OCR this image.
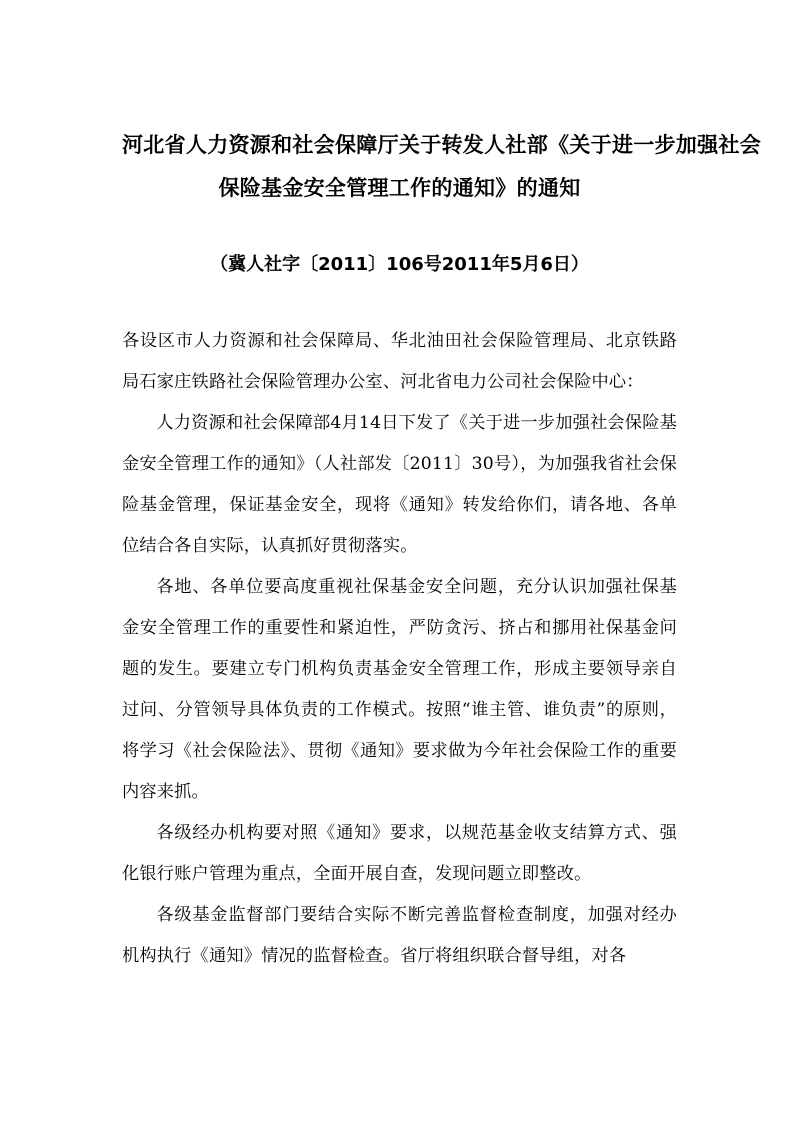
河北省人力资源和社会保障厅关于转发人社部《关于进一步加强社会
保险基金安全管理工作的通知》的通知
（冀人社字〔2011〕106号2011年5月6日）

各设区市人力资源和社会保障局、华北油田社会保险管理局、北京铁路局石家庄铁路社会保险管理办公室、河北省电力公司社会保险中心：

人力资源和社会保障部4月14日下发了《关于进一步加强社会保险基金安全管理工作的通知》（人社部发〔2011〕30号），为加强我省社会保险基金管理，保证基金安全，现将《通知》转发给你们，请各地、各单位结合各自实际，认真抓好贯彻落实。

各地、各单位要高度重视社保基金安全问题，充分认识加强社保基金安全管理工作的重要性和紧迫性，严防贪污、挤占和挪用社保基金问题的发生。要建立专门机构负责基金安全管理工作，形成主要领导亲自过问、分管领导具体负责的工作模式。按照“谁主管、谁负责”的原则，将学习《社会保险法》、贯彻《通知》要求做为今年社会保险工作的重要内容来抓。

各级经办机构要对照《通知》要求，以规范基金收支结算方式、强化银行账户管理为重点，全面开展自查，发现问题立即整改。

各级基金监督部门要结合实际不断完善监督检查制度，加强对经办机构执行《通知》情况的监督检查。省厅将组织联合督导组，对各
